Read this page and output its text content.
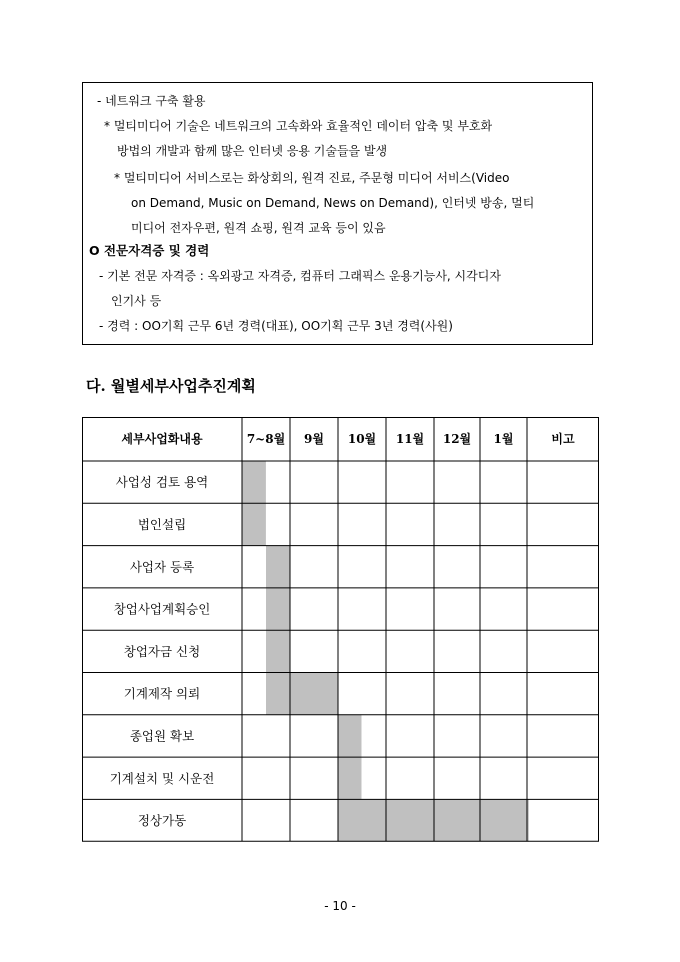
- 네트워크 구축 활용
* 멀티미디어 기술은 네트워크의 고속화와 효율적인 데이터 압축 및 부호화
방법의 개발과 함께 많은 인터넷 응용 기술들을 발생
* 멀티미디어 서비스로는 화상회의, 원격 진료, 주문형 미디어 서비스(Video
on Demand, Music on Demand, News on Demand), 인터넷 방송, 멀티
미디어 전자우편, 원격 쇼핑, 원격 교육 등이 있음
O 전문자격증 및 경력
- 기본 전문 자격증 : 옥외광고 자격증, 컴퓨터 그래픽스 운용기능사, 시각디자
인기사 등
- 경력 : OO기획 근무 6년 경력(대표), OO기획 근무 3년 경력(사원)
다. 월별세부사업추진계획
세부사업화내용	7~8월 9월 10월 11월 12월 1월	비고
사업성 검토 용역
법인설립
사업자 등록
창업사업계획승인
창업자금 신청
기계제작 의뢰
종업원 확보
기계설치 및 시운전
정상가동
- 10 -
